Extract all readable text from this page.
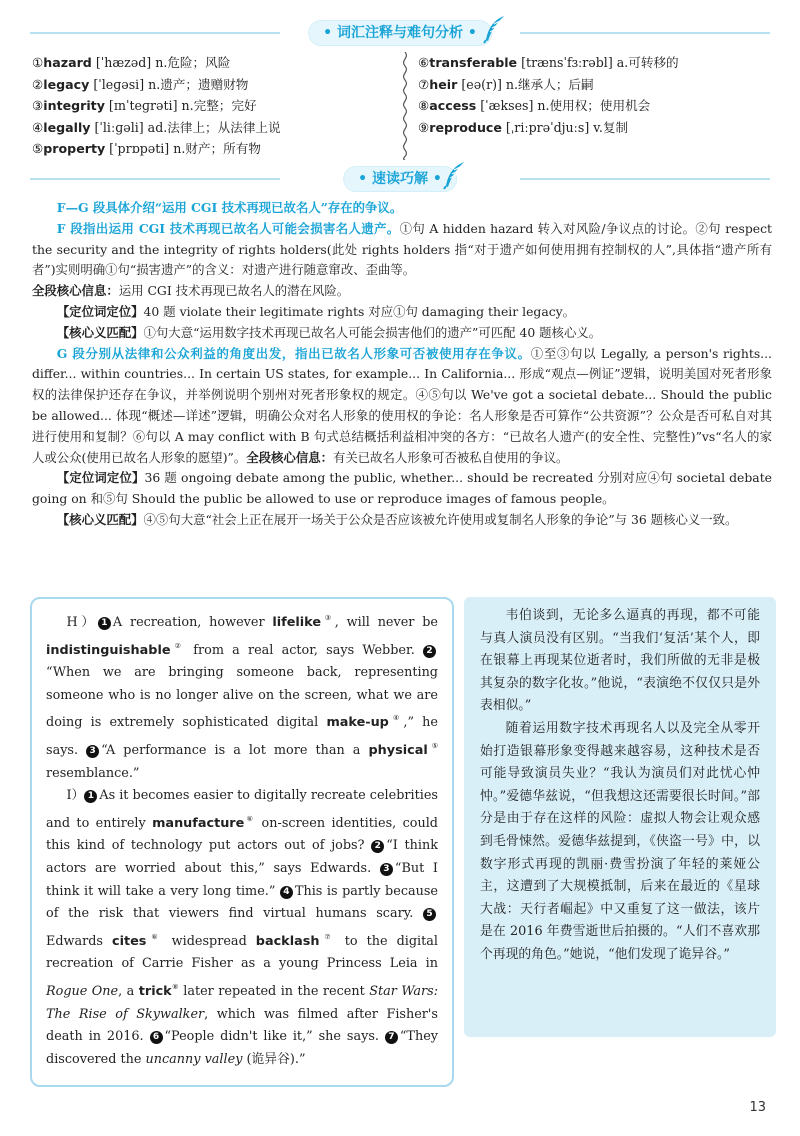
• 词汇注释与难句分析 •
①hazard [ˈhæzəd] n.危险；风险
②legacy [ˈleɡəsi] n.遗产；遗赠财物
③integrity [ɪnˈteɡrəti] n.完整；完好
④legally [ˈliːɡəli] ad.法律上；从法律上说
⑤property [ˈprɒpəti] n.财产；所有物
⑥transferable [trænsˈfɜːrəbl] a.可转移的
⑦heir [eə(r)] n.继承人；后嗣
⑧access [ˈækses] n.使用权；使用机会
⑨reproduce [ˌriːprəˈdjuːs] v.复制
• 速读巧解 •

F—G 段具体介绍“运用 CGI 技术再现已故名人”存在的争议。

F 段指出运用 CGI 技术再现已故名人可能会损害名人遗产。①句 A hidden hazard 转入对风险/争议点的讨论。②句 respect the security and the integrity of rights holders(此处 rights holders 指“对于遗产如何使用拥有控制权的人”,具体指“遗产所有者”)实则明确①句“损害遗产”的含义：对遗产进行随意窜改、歪曲等。

全段核心信息：运用 CGI 技术再现已故名人的潜在风险。

【定位词定位】40 题 violate their legitimate rights 对应①句 damaging their legacy。

【核心义匹配】①句大意“运用数字技术再现已故名人可能会损害他们的遗产”可匹配 40 题核心义。

G 段分别从法律和公众利益的角度出发，指出已故名人形象可否被使用存在争议。①至③句以 Legally, a person's rights... differ... within countries... In certain US states, for example... In California... 形成“观点—例证”逻辑，说明美国对死者形象权的法律保护还存在争议，并举例说明个别州对死者形象权的规定。④⑤句以 We've got a societal debate... Should the public be allowed... 体现“概述—详述”逻辑，明确公众对名人形象的使用权的争论：名人形象是否可算作“公共资源”？公众是否可私自对其进行使用和复制？⑥句以 A may conflict with B 句式总结概括利益相冲突的各方：“已故名人遗产(的安全性、完整性)”vs“名人的家人或公众(使用已故名人形象的愿望)”。全段核心信息：有关已故名人形象可否被私自使用的争议。

【定位词定位】36 题 ongoing debate among the public, whether... should be recreated 分别对应④句 societal debate going on 和⑤句 Should the public be allowed to use or reproduce images of famous people。

【核心义匹配】④⑤句大意“社会上正在展开一场关于公众是否应该被允许使用或复制名人形象的争论”与 36 题核心义一致。

H） 1 A recreation, however lifelike③, will never be indistinguishable② from a real actor, says Webber. 2“When we are bringing someone back, representing someone who is no longer alive on the screen, what we are doing is extremely sophisticated digital make-up④,” he says. 3 “A performance is a lot more than a physical⑤ resemblance.”

I） 1 As it becomes easier to digitally recreate celebrities and to entirely manufacture⑥ on-screen identities, could this kind of technology put actors out of jobs? 2 “I think actors are worried about this,” says Edwards. 3 “But I think it will take a very long time.” 4 This is partly because of the risk that viewers find virtual humans scary. 5Edwards cites⑥ widespread backlash⑦ to the digital recreation of Carrie Fisher as a young Princess Leia in Rogue One, a trick⑧ later repeated in the recent Star Wars: The Rise of Skywalker, which was filmed after Fisher's death in 2016. 6 “People didn't like it,” she says. 7 “They discovered the uncanny valley (诡异谷).”

韦伯谈到，无论多么逼真的再现，都不可能与真人演员没有区别。“当我们‘复活’某个人，即在银幕上再现某位逝者时，我们所做的无非是极其复杂的数字化妆。”他说，“表演绝不仅仅只是外表相似。”

随着运用数字技术再现名人以及完全从零开始打造银幕形象变得越来越容易，这种技术是否可能导致演员失业？“我认为演员们对此忧心忡忡。”爱德华兹说，“但我想这还需要很长时间。”部分是由于存在这样的风险：虚拟人物会让观众感到毛骨悚然。爱德华兹提到，《侠盗一号》中，以数字形式再现的凯丽·费雪扮演了年轻的莱娅公主，这遭到了大规模抵制，后来在最近的《星球大战：天行者崛起》中又重复了这一做法，该片是在 2016 年费雪逝世后拍摄的。“人们不喜欢那个再现的角色。”她说，“他们发现了诡异谷。”

13
